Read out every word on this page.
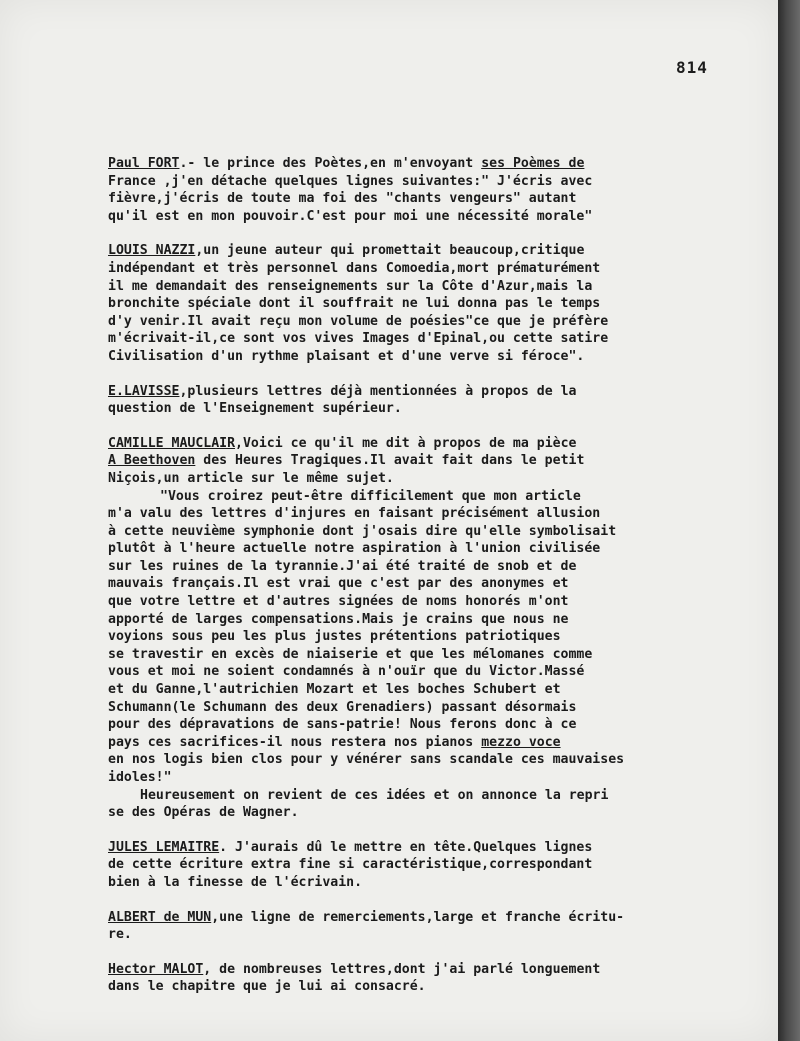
814
Paul FORT.- le prince des Poètes,en m'envoyant ses Poèmes de
France ,j'en détache quelques lignes suivantes:" J'écris avec
fièvre,j'écris de toute ma foi des "chants vengeurs" autant
qu'il est en mon pouvoir.C'est pour moi une nécessité morale"
LOUIS NAZZI,un jeune auteur qui promettait beaucoup,critique
indépendant et très personnel dans Comoedia,mort prématurément
il me demandait des renseignements sur la Côte d'Azur,mais la
bronchite spéciale dont il souffrait ne lui donna pas le temps
d'y venir.Il avait reçu mon volume de poésies"ce que je préfère
m'écrivait-il,ce sont vos vives Images d'Epinal,ou cette satire
Civilisation d'un rythme plaisant et d'une verve si féroce".
E.LAVISSE,plusieurs lettres déjà mentionnées à propos de la
question de l'Enseignement supérieur.
CAMILLE MAUCLAIR,Voici ce qu'il me dit à propos de ma pièce
A Beethoven des Heures Tragiques.Il avait fait dans le petit
Niçois,un article sur le même sujet.
"Vous croirez peut-être difficilement que mon article
m'a valu des lettres d'injures en faisant précisément allusion
à cette neuvième symphonie dont j'osais dire qu'elle symbolisait
plutôt à l'heure actuelle notre aspiration à l'union civilisée
sur les ruines de la tyrannie.J'ai été traité de snob et de
mauvais français.Il est vrai que c'est par des anonymes et
que votre lettre et d'autres signées de noms honorés m'ont
apporté de larges compensations.Mais je crains que nous ne
voyions sous peu les plus justes prétentions patriotiques
se travestir en excès de niaiserie et que les mélomanes comme
vous et moi ne soient condamnés à n'ouïr que du Victor.Massé
et du Ganne,l'autrichien Mozart et les boches Schubert et
Schumann(le Schumann des deux Grenadiers) passant désormais
pour des dépravations de sans-patrie! Nous ferons donc à ce
pays ces sacrifices-il nous restera nos pianos mezzo voce
en nos logis bien clos pour y vénérer sans scandale ces mauvaises
idoles!"
Heureusement on revient de ces idées et on annonce la repri
se des Opéras de Wagner.
JULES LEMAITRE. J'aurais dû le mettre en tête.Quelques lignes
de cette écriture extra fine si caractéristique,correspondant
bien à la finesse de l'écrivain.
ALBERT de MUN,une ligne de remerciements,large et franche écritu-
re.
Hector MALOT, de nombreuses lettres,dont j'ai parlé longuement
dans le chapitre que je lui ai consacré.
